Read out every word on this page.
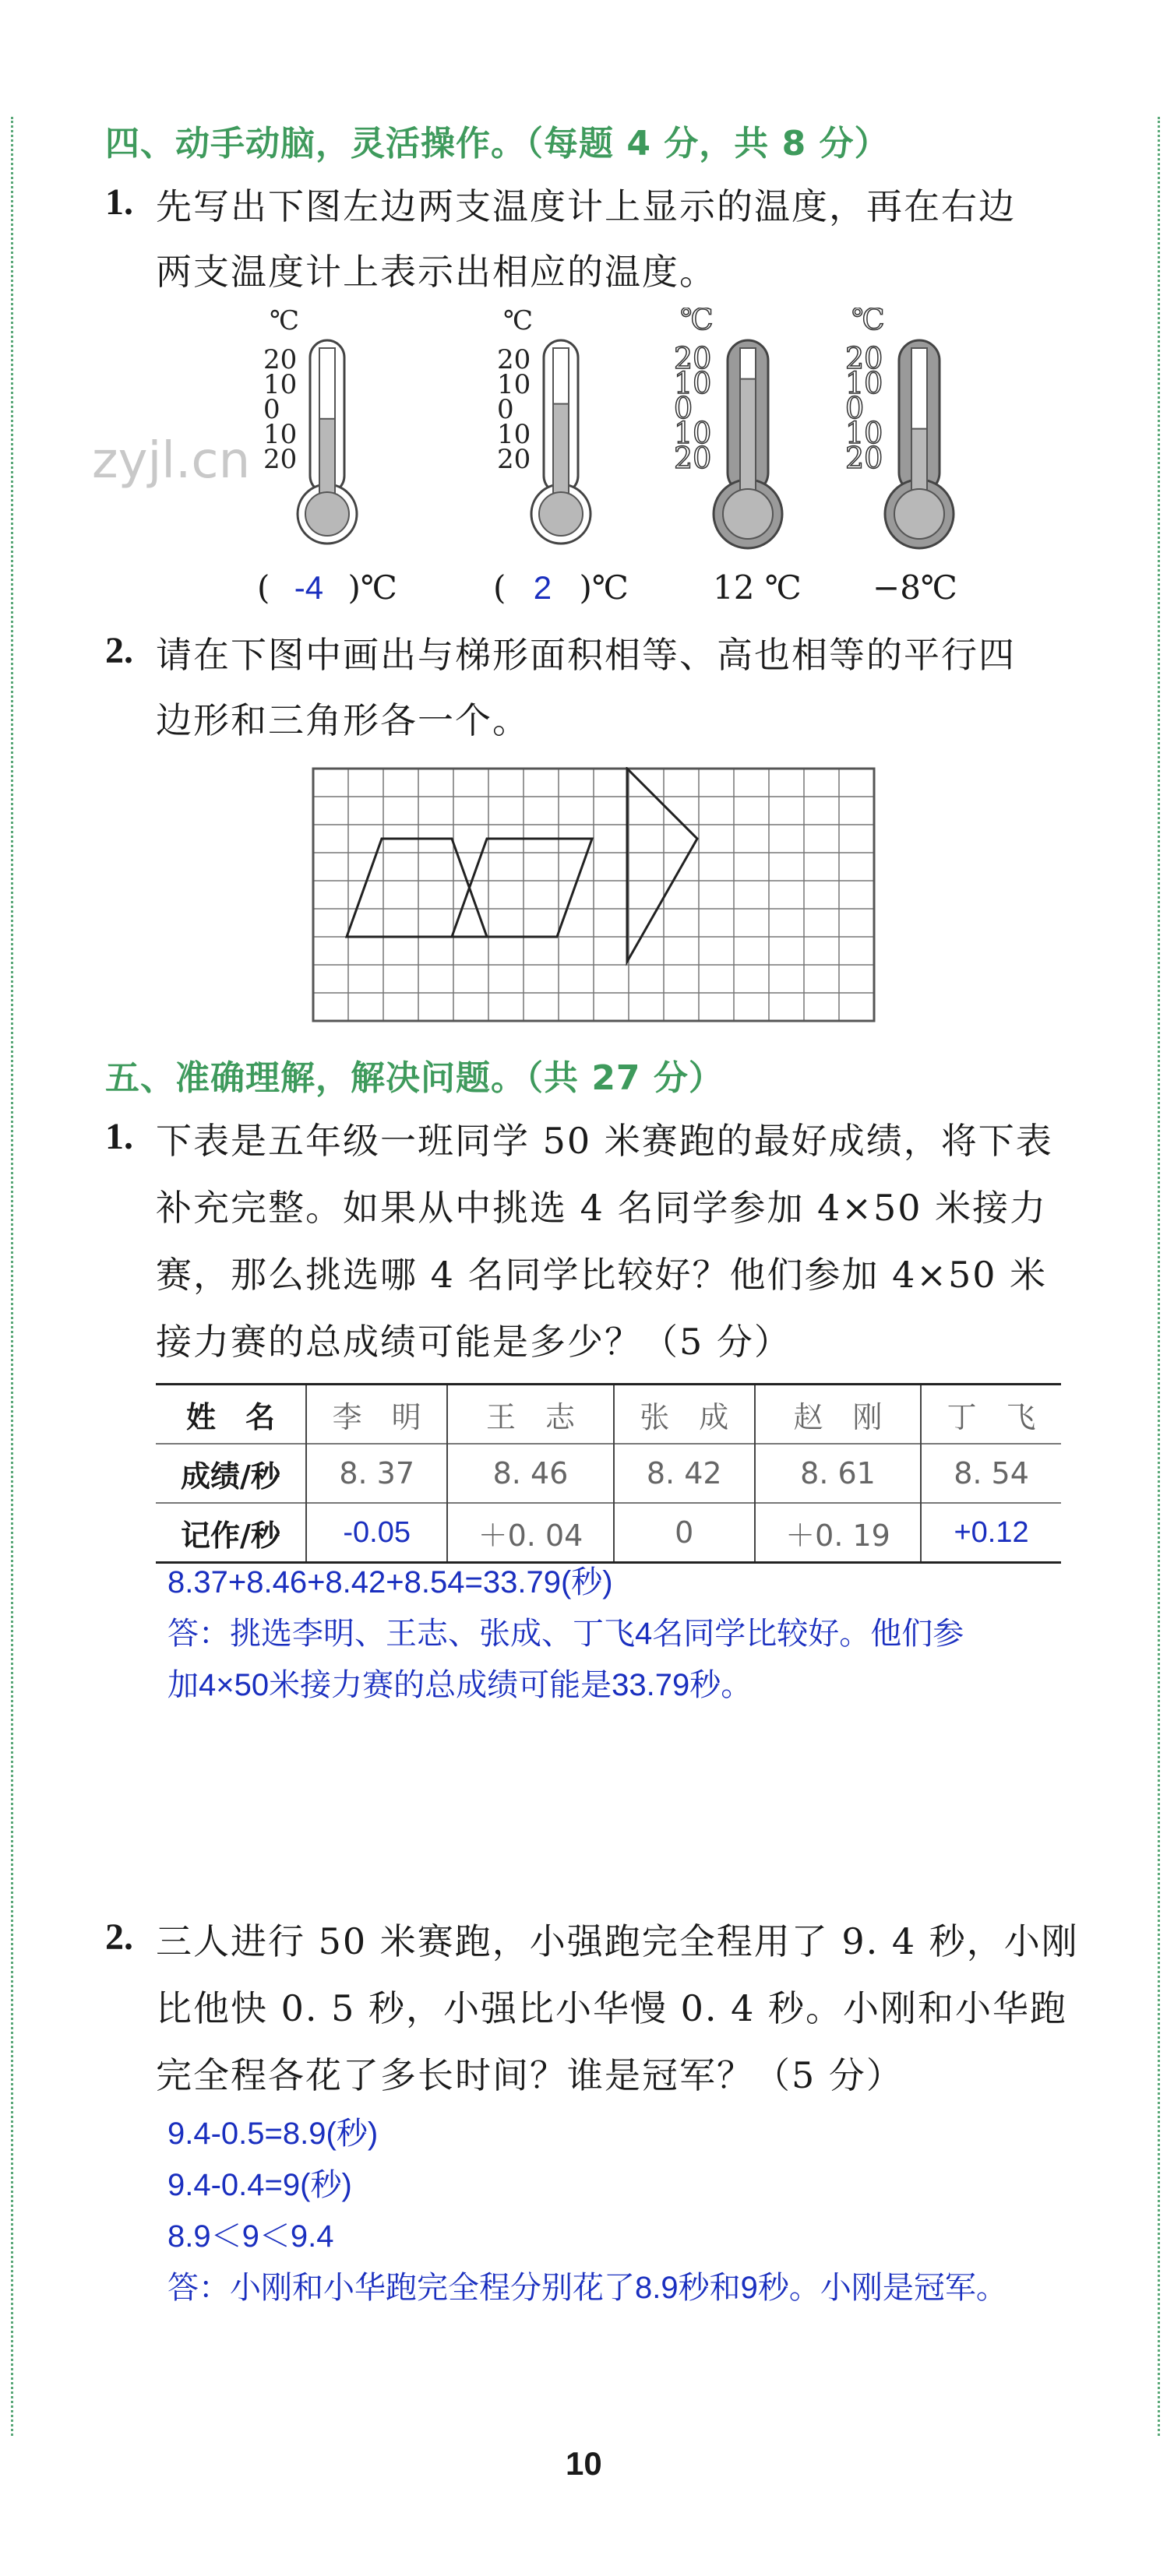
四、动手动脑，灵活操作。（每题 4 分，共 8 分）
1. 先写出下图左边两支温度计上显示的温度，再在右边
两支温度计上表示出相应的温度。
℃
20
10
0
10
20
℃
20
10
0
10
20
℃
20
10
0
10
20
℃
20
10
0
10
20
( -4 )℃	( 2 )℃	12 ℃ −8℃
zyjl.cn
2. 请在下图中画出与梯形面积相等、高也相等的平行四
边形和三角形各一个。
五、准确理解，解决问题。（共 27 分）
1. 下表是五年级一班同学 50 米赛跑的最好成绩，将下表
补充完整。如果从中挑选 4 名同学参加 4×50 米接力
赛，那么挑选哪 4 名同学比较好？他们参加 4×50 米
接力赛的总成绩可能是多少？（5 分）
姓　名	李　明	王　志	张　成	赵　刚	丁　飞
成绩/秒	8. 37	8. 46	8. 42	8. 61	8. 54
记作/秒	-0.05	＋0. 04	0	＋0. 19	+0.12
8.37+8.46+8.42+8.54=33.79(秒)
答：挑选李明、王志、张成、丁飞4名同学比较好。他们参
加4×50米接力赛的总成绩可能是33.79秒。
2. 三人进行 50 米赛跑，小强跑完全程用了 9. 4 秒，小刚
比他快 0. 5 秒，小强比小华慢 0. 4 秒。小刚和小华跑
完全程各花了多长时间？谁是冠军？（5 分）
9.4-0.5=8.9(秒)
9.4-0.4=9(秒)
8.9＜9＜9.4
答：小刚和小华跑完全程分别花了8.9秒和9秒。小刚是冠军。
10
